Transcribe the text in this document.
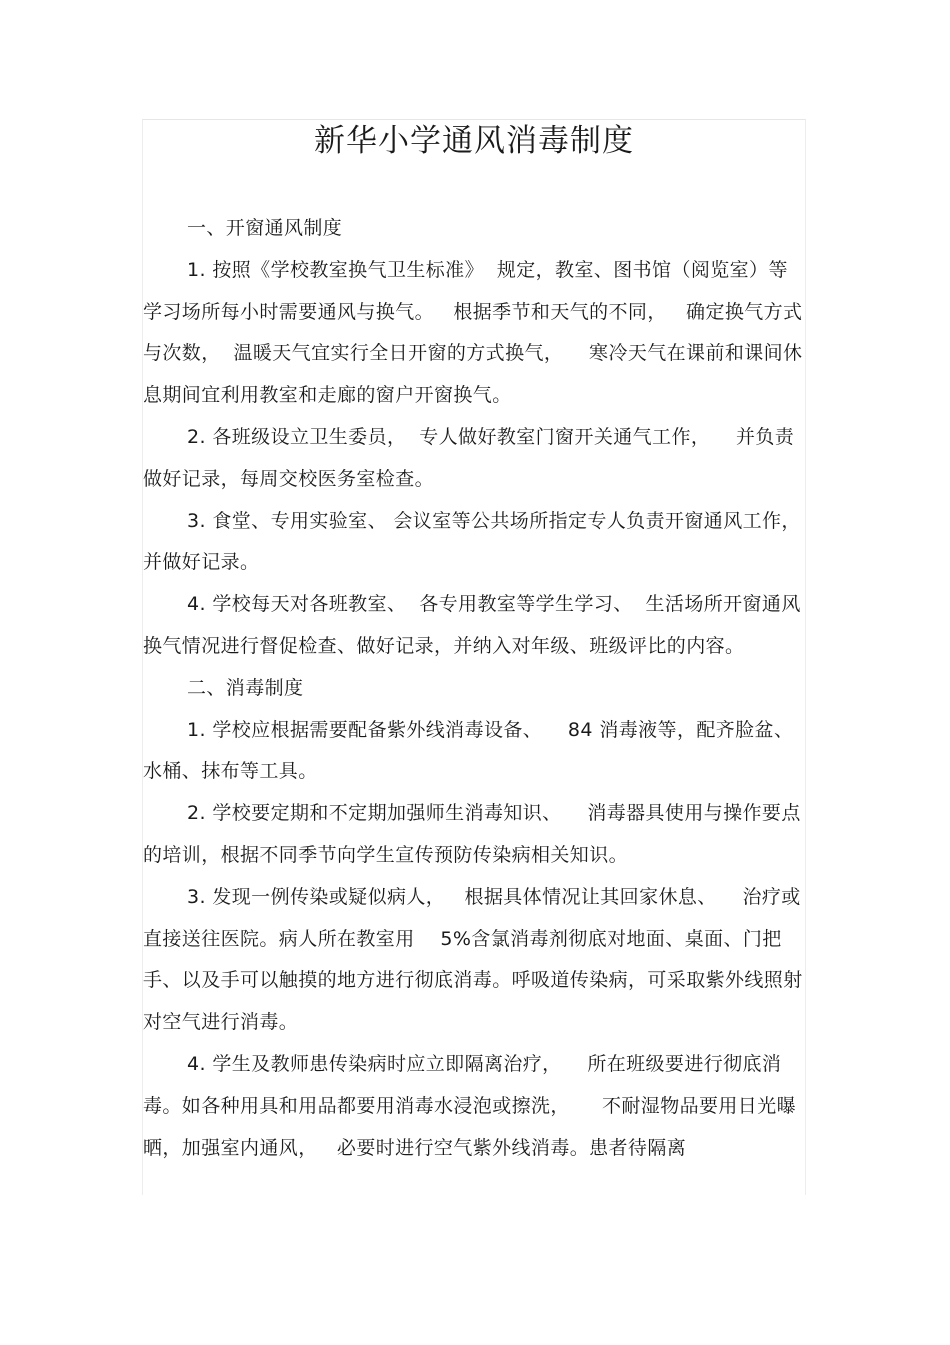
新华小学通风消毒制度

一、开窗通风制度

1. 按照《学校教室换气卫生标准》  规定，教室、图书馆（阅览室）等学习场所每小时需要通风与换气。   根据季节和天气的不同，   确定换气方式与次数，  温暖天气宜实行全日开窗的方式换气，    寒冷天气在课前和课间休息期间宜利用教室和走廊的窗户开窗换气。

2. 各班级设立卫生委员，  专人做好教室门窗开关通气工作，    并负责做好记录，每周交校医务室检查。

3. 食堂、专用实验室、 会议室等公共场所指定专人负责开窗通风工作，并做好记录。

4. 学校每天对各班教室、  各专用教室等学生学习、  生活场所开窗通风换气情况进行督促检查、做好记录，并纳入对年级、班级评比的内容。

二、消毒制度

1. 学校应根据需要配备紫外线消毒设备、    84 消毒液等，配齐脸盆、水桶、抹布等工具。

2. 学校要定期和不定期加强师生消毒知识、    消毒器具使用与操作要点的培训，根据不同季节向学生宣传预防传染病相关知识。

3. 发现一例传染或疑似病人，   根据具体情况让其回家休息、    治疗或直接送往医院。病人所在教室用    5%含氯消毒剂彻底对地面、桌面、门把手、以及手可以触摸的地方进行彻底消毒。呼吸道传染病，可采取紫外线照射对空气进行消毒。

4. 学生及教师患传染病时应立即隔离治疗，    所在班级要进行彻底消毒。如各种用具和用品都要用消毒水浸泡或擦洗，     不耐湿物品要用日光曝晒，加强室内通风，   必要时进行空气紫外线消毒。患者待隔离
